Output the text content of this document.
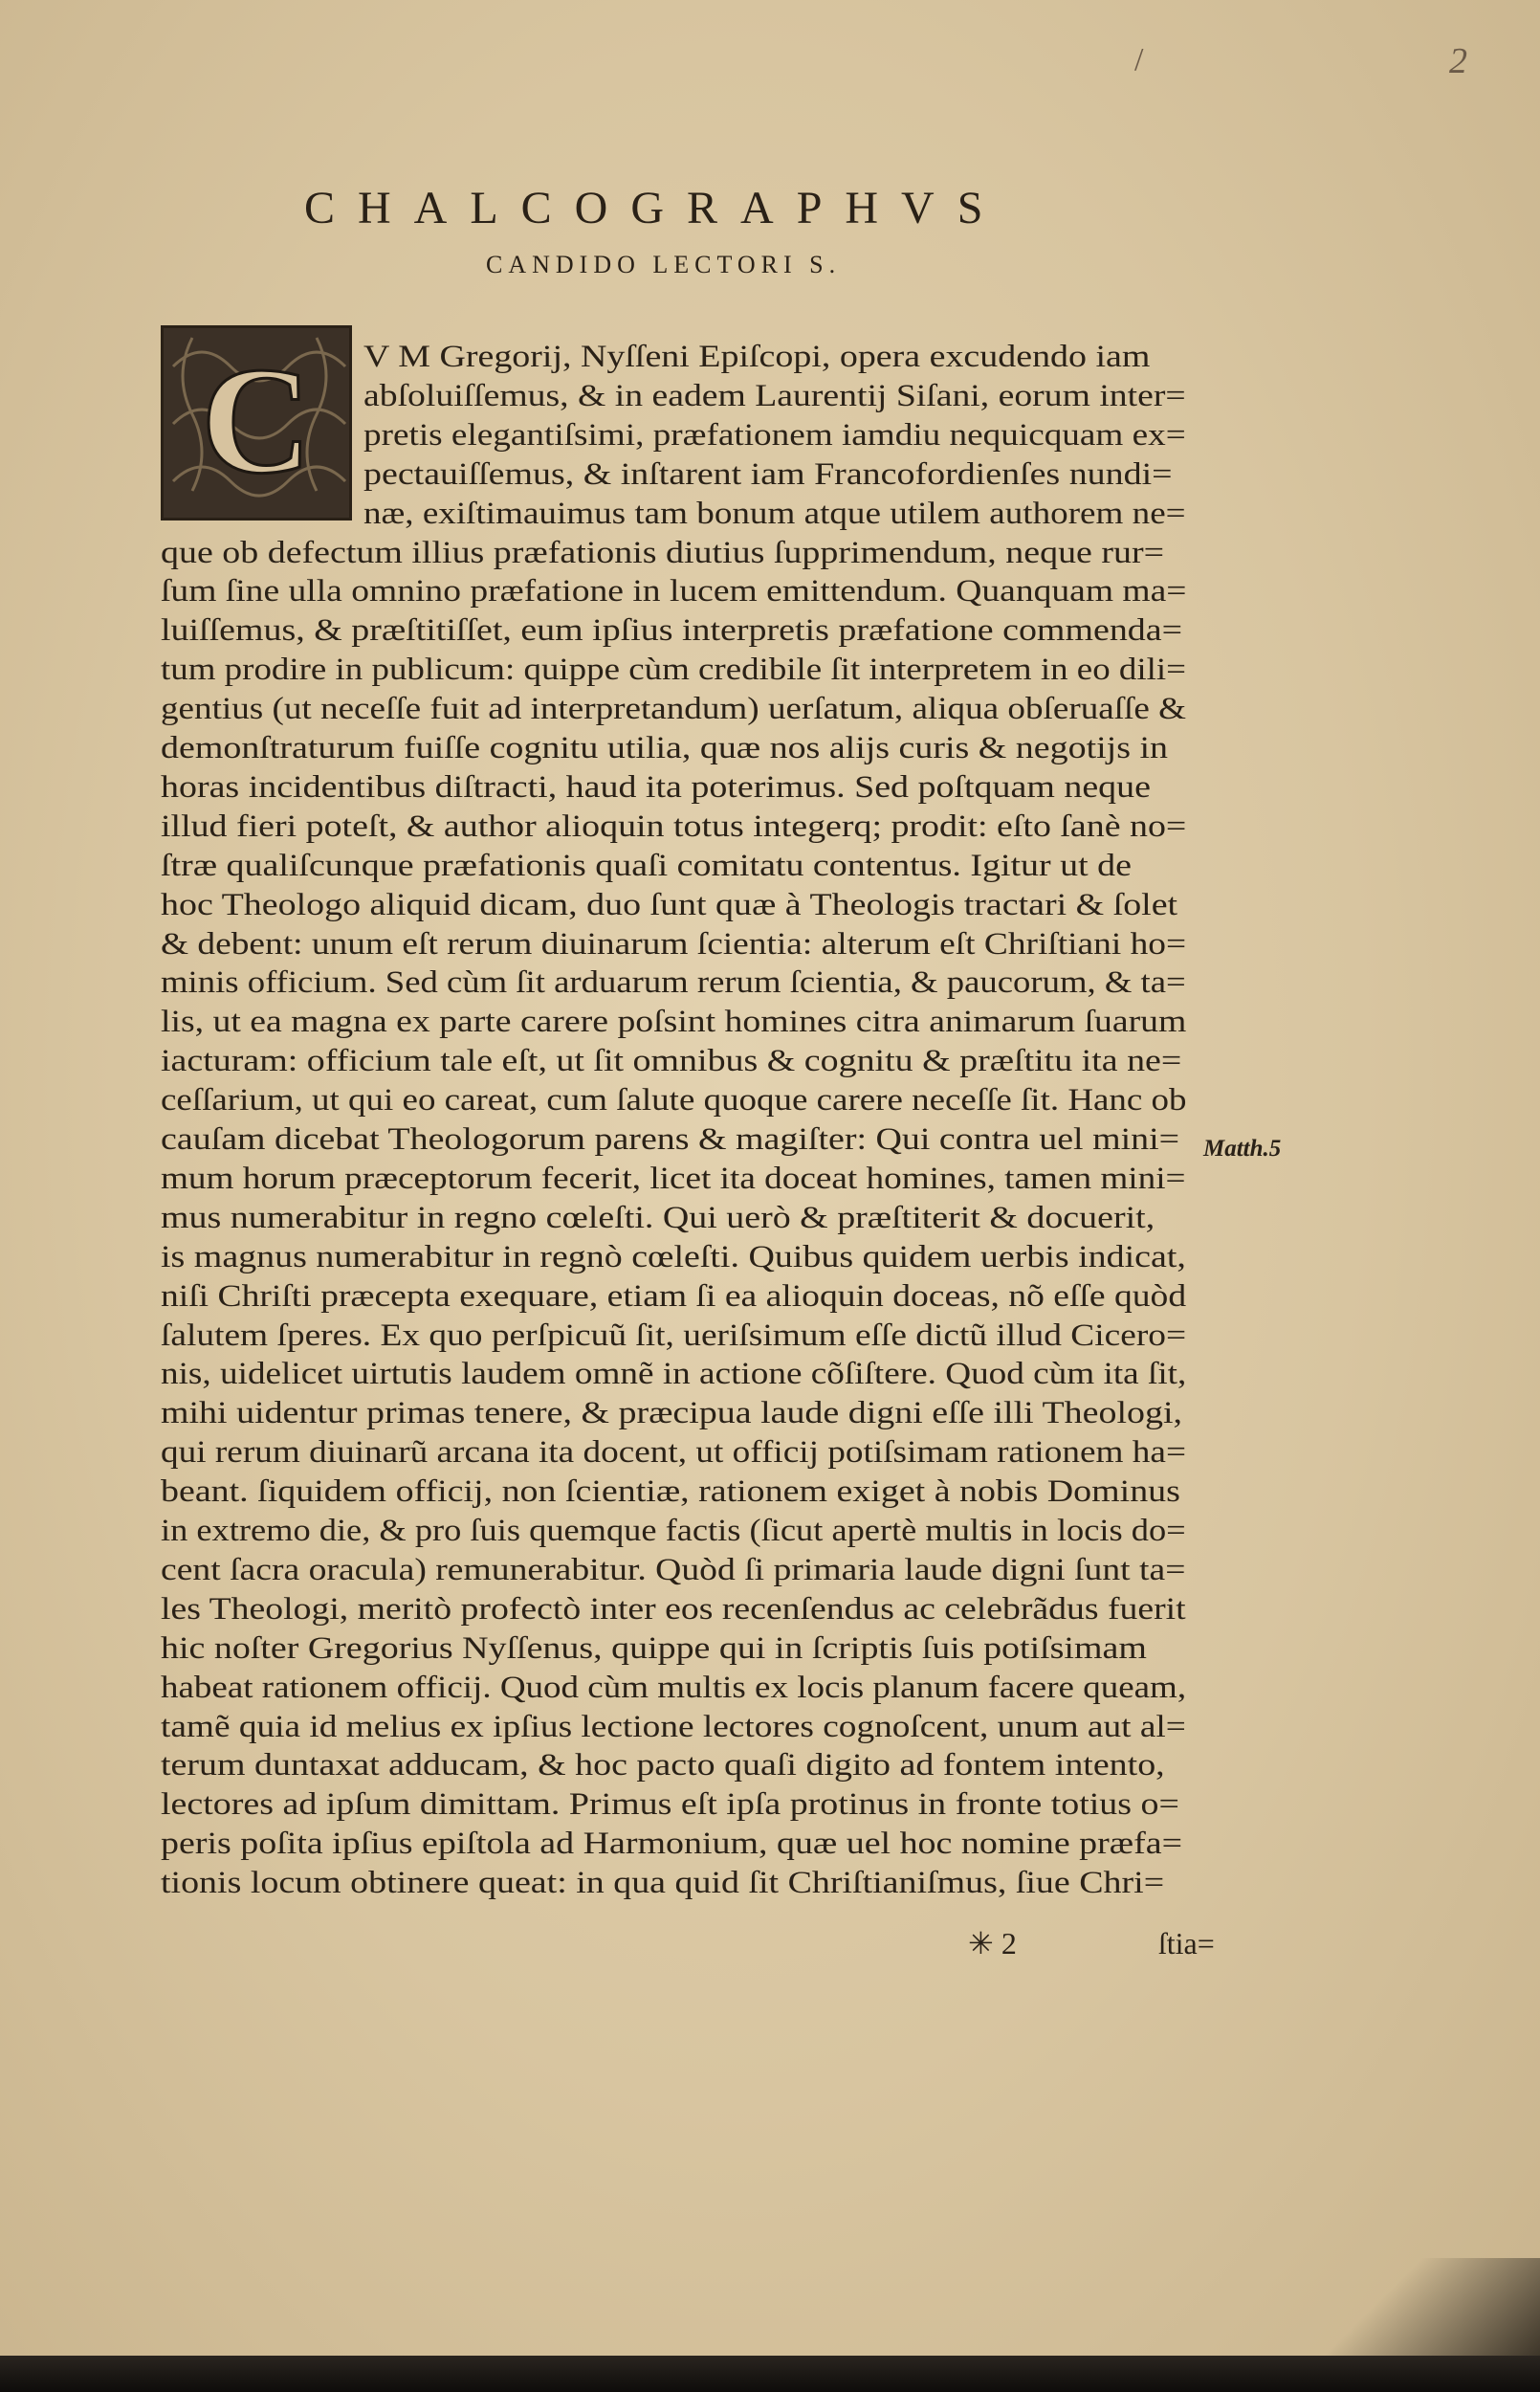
2
/
CHALCOGRAPHVS
CANDIDO LECTORI S.
C V M Gregorij, Nyſſeni Epiſcopi, opera excudendo iam
abſoluiſſemus, & in eadem Laurentij Siſani, eorum inter=
pretis elegantiſsimi, præfationem iamdiu nequicquam ex=
pectauiſſemus, & inſtarent iam Francofordienſes nundi=
næ, exiſtimauimus tam bonum atque utilem authorem ne=
que ob defectum illius præfationis diutius ſupprimendum, neque rur=
ſum ſine ulla omnino præfatione in lucem emittendum. Quanquam ma=
luiſſemus, & præſtitiſſet, eum ipſius interpretis præfatione commenda=
tum prodire in publicum: quippe cùm credibile ſit interpretem in eo dili=
gentius (ut neceſſe fuit ad interpretandum) uerſatum, aliqua obſeruaſſe &
demonſtraturum fuiſſe cognitu utilia, quæ nos alijs curis & negotijs in
horas incidentibus diſtracti, haud ita poterimus. Sed poſtquam neque
illud fieri poteſt, & author alioquin totus integerq; prodit: eſto ſanè no=
ſtræ qualiſcunque præfationis quaſi comitatu contentus. Igitur ut de
hoc Theologo aliquid dicam, duo ſunt quæ à Theologis tractari & ſolet
& debent: unum eſt rerum diuinarum ſcientia: alterum eſt Chriſtiani ho=
minis officium. Sed cùm ſit arduarum rerum ſcientia, & paucorum, & ta=
lis, ut ea magna ex parte carere poſsint homines citra animarum ſuarum
iacturam: officium tale eſt, ut ſit omnibus & cognitu & præſtitu ita ne=
ceſſarium, ut qui eo careat, cum ſalute quoque carere neceſſe ſit. Hanc ob
cauſam dicebat Theologorum parens & magiſter: Qui contra uel mini=
mum horum præceptorum fecerit, licet ita doceat homines, tamen mini=
mus numerabitur in regno cœleſti. Qui uerò & præſtiterit & docuerit,
is magnus numerabitur in regnò cœleſti. Quibus quidem uerbis indicat,
niſi Chriſti præcepta exequare, etiam ſi ea alioquin doceas, nõ eſſe quòd
ſalutem ſperes. Ex quo perſpicuũ ſit, ueriſsimum eſſe dictũ illud Cicero=
nis, uidelicet uirtutis laudem omnẽ in actione cõſiſtere. Quod cùm ita ſit,
mihi uidentur primas tenere, & præcipua laude digni eſſe illi Theologi,
qui rerum diuinarũ arcana ita docent, ut officij potiſsimam rationem ha=
beant. ſiquidem officij, non ſcientiæ, rationem exiget à nobis Dominus
in extremo die, & pro ſuis quemque factis (ſicut apertè multis in locis do=
cent ſacra oracula) remunerabitur. Quòd ſi primaria laude digni ſunt ta=
les Theologi, meritò profectò inter eos recenſendus ac celebrãdus fuerit
hic noſter Gregorius Nyſſenus, quippe qui in ſcriptis ſuis potiſsimam
habeat rationem officij. Quod cùm multis ex locis planum facere queam,
tamẽ quia id melius ex ipſius lectione lectores cognoſcent, unum aut al=
terum duntaxat adducam, & hoc pacto quaſi digito ad fontem intento,
lectores ad ipſum dimittam. Primus eſt ipſa protinus in fronte totius o=
peris poſita ipſius epiſtola ad Harmonium, quæ uel hoc nomine præfa=
tionis locum obtinere queat: in qua quid ſit Chriſtianiſmus, ſiue Chri=
Matth.5
✳ 2	ſtia=
